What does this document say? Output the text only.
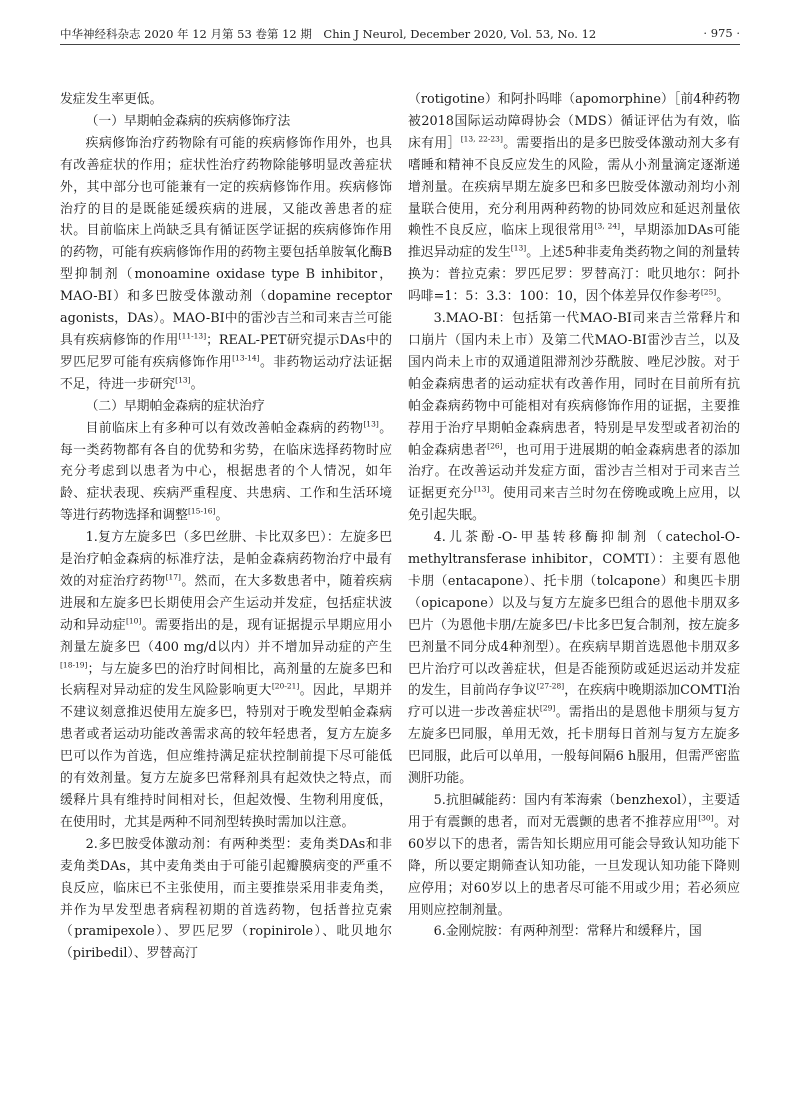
中华神经科杂志 2020 年 12 月第 53 卷第 12 期　Chin J Neurol, December 2020, Vol. 53, No. 12	· 975 ·

发症发生率更低。

（一）早期帕金森病的疾病修饰疗法

疾病修饰治疗药物除有可能的疾病修饰作用外，也具有改善症状的作用；症状性治疗药物除能够明显改善症状外，其中部分也可能兼有一定的疾病修饰作用。疾病修饰治疗的目的是既能延缓疾病的进展，又能改善患者的症状。目前临床上尚缺乏具有循证医学证据的疾病修饰作用的药物，可能有疾病修饰作用的药物主要包括单胺氧化酶B型抑制剂（monoamine oxidase type B inhibitor，MAO-BI）和多巴胺受体激动剂（dopamine receptor agonists，DAs）。MAO-BI中的雷沙吉兰和司来吉兰可能具有疾病修饰的作用[11-13]；REAL-PET研究提示DAs中的罗匹尼罗可能有疾病修饰作用[13-14]。非药物运动疗法证据不足，待进一步研究[13]。

（二）早期帕金森病的症状治疗

目前临床上有多种可以有效改善帕金森病的药物[13]。每一类药物都有各自的优势和劣势，在临床选择药物时应充分考虑到以患者为中心，根据患者的个人情况，如年龄、症状表现、疾病严重程度、共患病、工作和生活环境等进行药物选择和调整[15-16]。

1.复方左旋多巴（多巴丝肼、卡比双多巴）：左旋多巴是治疗帕金森病的标准疗法，是帕金森病药物治疗中最有效的对症治疗药物[17]。然而，在大多数患者中，随着疾病进展和左旋多巴长期使用会产生运动并发症，包括症状波动和异动症[10]。需要指出的是，现有证据提示早期应用小剂量左旋多巴（400 mg/d以内）并不增加异动症的产生[18-19]；与左旋多巴的治疗时间相比，高剂量的左旋多巴和长病程对异动症的发生风险影响更大[20-21]。因此，早期并不建议刻意推迟使用左旋多巴，特别对于晚发型帕金森病患者或者运动功能改善需求高的较年轻患者，复方左旋多巴可以作为首选，但应维持满足症状控制前提下尽可能低的有效剂量。复方左旋多巴常释剂具有起效快之特点，而缓释片具有维持时间相对长，但起效慢、生物利用度低，在使用时，尤其是两种不同剂型转换时需加以注意。

2.多巴胺受体激动剂：有两种类型：麦角类DAs和非麦角类DAs，其中麦角类由于可能引起瓣膜病变的严重不良反应，临床已不主张使用，而主要推崇采用非麦角类，并作为早发型患者病程初期的首选药物，包括普拉克索（pramipexole）、罗匹尼罗（ropinirole）、吡贝地尔（piribedil）、罗替高汀

（rotigotine）和阿扑吗啡（apomorphine）［前4种药物被2018国际运动障碍协会（MDS）循证评估为有效，临床有用］[13, 22-23]。需要指出的是多巴胺受体激动剂大多有嗜睡和精神不良反应发生的风险，需从小剂量滴定逐渐递增剂量。在疾病早期左旋多巴和多巴胺受体激动剂均小剂量联合使用，充分利用两种药物的协同效应和延迟剂量依赖性不良反应，临床上现很常用[3, 24]，早期添加DAs可能推迟异动症的发生[13]。上述5种非麦角类药物之间的剂量转换为：普拉克索：罗匹尼罗：罗替高汀：吡贝地尔：阿扑吗啡=1：5：3.3：100：10，因个体差异仅作参考[25]。

3.MAO-BI：包括第一代MAO-BI司来吉兰常释片和口崩片（国内未上市）及第二代MAO-BI雷沙吉兰，以及国内尚未上市的双通道阻滞剂沙芬酰胺、唑尼沙胺。对于帕金森病患者的运动症状有改善作用，同时在目前所有抗帕金森病药物中可能相对有疾病修饰作用的证据，主要推荐用于治疗早期帕金森病患者，特别是早发型或者初治的帕金森病患者[26]，也可用于进展期的帕金森病患者的添加治疗。在改善运动并发症方面，雷沙吉兰相对于司来吉兰证据更充分[13]。使用司来吉兰时勿在傍晚或晚上应用，以免引起失眠。

4.儿茶酚-O-甲基转移酶抑制剂（catechol-O-methyltransferase inhibitor，COMTI）：主要有恩他卡朋（entacapone）、托卡朋（tolcapone）和奥匹卡朋（opicapone）以及与复方左旋多巴组合的恩他卡朋双多巴片（为恩他卡朋/左旋多巴/卡比多巴复合制剂，按左旋多巴剂量不同分成4种剂型）。在疾病早期首选恩他卡朋双多巴片治疗可以改善症状，但是否能预防或延迟运动并发症的发生，目前尚存争议[27-28]，在疾病中晚期添加COMTI治疗可以进一步改善症状[29]。需指出的是恩他卡朋须与复方左旋多巴同服，单用无效，托卡朋每日首剂与复方左旋多巴同服，此后可以单用，一般每间隔6 h服用，但需严密监测肝功能。

5.抗胆碱能药：国内有苯海索（benzhexol），主要适用于有震颤的患者，而对无震颤的患者不推荐应用[30]。对60岁以下的患者，需告知长期应用可能会导致认知功能下降，所以要定期筛查认知功能，一旦发现认知功能下降则应停用；对60岁以上的患者尽可能不用或少用；若必须应用则应控制剂量。

6.金刚烷胺：有两种剂型：常释片和缓释片，国
